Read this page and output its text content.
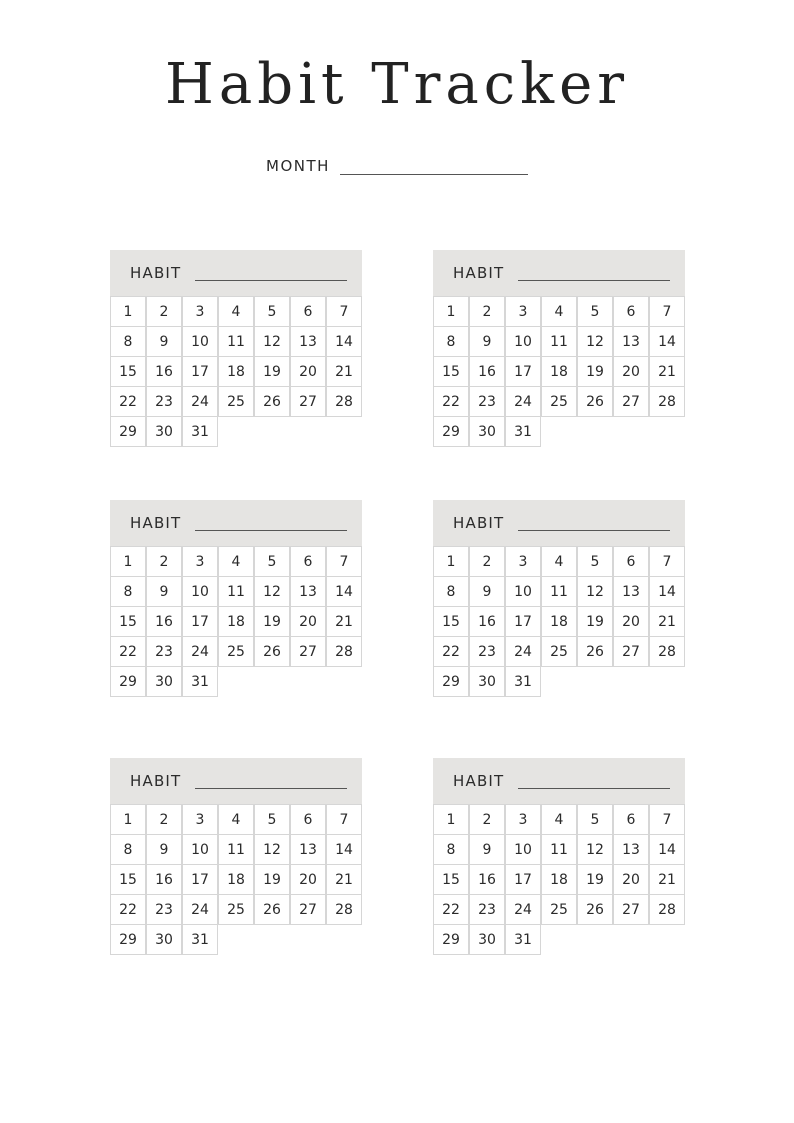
Habit Tracker
MONTH
HABIT
1	2	3	4	5	6	7
8	9	10	11	12	13	14
15	16	17	18	19	20	21
22	23	24	25	26	27	28
29	30	31
HABIT
1	2	3	4	5	6	7
8	9	10	11	12	13	14
15	16	17	18	19	20	21
22	23	24	25	26	27	28
29	30	31
HABIT
1	2	3	4	5	6	7
8	9	10	11	12	13	14
15	16	17	18	19	20	21
22	23	24	25	26	27	28
29	30	31
HABIT
1	2	3	4	5	6	7
8	9	10	11	12	13	14
15	16	17	18	19	20	21
22	23	24	25	26	27	28
29	30	31
HABIT
1	2	3	4	5	6	7
8	9	10	11	12	13	14
15	16	17	18	19	20	21
22	23	24	25	26	27	28
29	30	31
HABIT
1	2	3	4	5	6	7
8	9	10	11	12	13	14
15	16	17	18	19	20	21
22	23	24	25	26	27	28
29	30	31
